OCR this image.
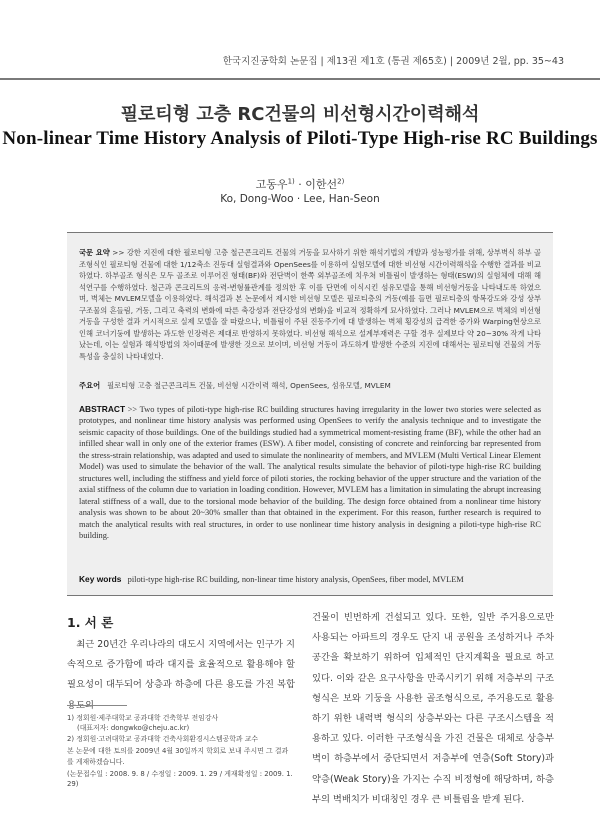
한국지진공학회 논문집 | 제13권 제1호 (통권 제65호) | 2009년 2월, pp. 35~43
필로티형 고층 RC건물의 비선형시간이력해석
Non-linear Time History Analysis of Piloti-Type High-rise RC Buildings
고동우$^{1)}$ · 이한선$^{2)}$
Ko, Dong-Woo · Lee, Han-Seon

국문 요약 >> 강한 지진에 대한 필로티형 고층 철근콘크리트 건물의 거동을 묘사하기 위한 해석기법의 개발과 성능평가를 위해, 상부벽식 하부 골조형식인 필로티형 건물에 대한 1/12축소 진동대 실험결과와 OpenSees를 이용하여 실험모델에 대한 비선형 시간이력해석을 수행한 결과를 비교하였다. 하부골조 형식은 모두 골조로 이루어진 형태(BF)와 전단벽이 한쪽 외부골조에 치우쳐 비틀림이 발생하는 형태(ESW)의 실험체에 대해 해석연구를 수행하였다. 철근과 콘크리트의 응력-변형률관계를 정의한 후 이를 단면에 이식시킨 섬유모델을 통해 비선형거동을 나타내도록 하였으며, 벽체는 MVLEM모델을 이용하였다. 해석결과 본 논문에서 제시한 비선형 모델은 필로티층의 거동(예를 들면 필로티층의 항복강도와 강성 상부구조물의 흔들림, 거동, 그리고 축력의 변화에 따른 축강성과 전단강성의 변화)을 비교적 정확하게 묘사하였다. 그러나 MVLEM으로 벽체의 비선형거동을 구성한 결과 거시적으로 실제 모델을 잘 따랐으나, 비틀림이 주된 진동주기에 대 발생하는 벽체 횡강성의 급격한 증가와 Warping현상으로 인해 코너기둥에 발생하는 과도한 인장력은 제대로 반영하지 못하였다. 비선형 해석으로 설계부재력은 구할 경우 실제보다 약 20~30% 작게 나타났는데, 이는 실험과 해석방법의 차이때문에 발생한 것으로 보이며, 비선형 거동이 과도하게 발생한 수준의 지진에 대해서는 필로티형 건물의 거동특성을 충실히 나타내었다.

주요어 필로티형 고층 철근콘크리트 건물, 비선형 시간이력 해석, OpenSees, 섬유모델, MVLEM

ABSTRACT >> Two types of piloti-type high-rise RC building structures having irregularity in the lower two stories were selected as prototypes, and nonlinear time history analysis was performed using OpenSees to verify the analysis technique and to investigate the seismic capacity of those buildings. One of the buildings studied had a symmetrical moment-resisting frame (BF), while the other had an infilled shear wall in only one of the exterior frames (ESW). A fiber model, consisting of concrete and reinforcing bar represented from the stress-strain relationship, was adapted and used to simulate the nonlinearity of members, and MVLEM (Multi Vertical Linear Element Model) was used to simulate the behavior of the wall. The analytical results simulate the behavior of piloti-type high-rise RC building structures well, including the stiffness and yield force of piloti stories, the rocking behavior of the upper structure and the variation of the axial stiffness of the column due to variation in loading condition. However, MVLEM has a limitation in simulating the abrupt increasing lateral stiffness of a wall, due to the torsional mode behavior of the building. The design force obtained from a nonlinear time history analysis was shown to be about 20~30% smaller than that obtained in the experiment. For this reason, further research is required to match the analytical results with real structures, in order to use nonlinear time history analysis in designing a piloti-type high-rise RC building.

Key words piloti-type high-rise RC building, non-linear time history analysis, OpenSees, fiber model, MVLEM

1. 서 론

최근 20년간 우리나라의 대도시 지역에서는 인구가 지속적으로 증가함에 따라 대지를 효율적으로 활용해야 할 필요성이 대두되어 상층과 하층에 다른 용도를 가진 복합용도의

건물이 빈번하게 건설되고 있다. 또한, 일반 주거용으로만 사용되는 아파트의 경우도 단지 내 공원을 조성하거나 주차공간을 확보하기 위하여 입체적인 단지계획을 필요로 하고 있다. 이와 같은 요구사항을 만족시키기 위해 저층부의 구조형식은 보와 기둥을 사용한 골조형식으로, 주거용도로 활용하기 위한 내력벽 형식의 상층부와는 다른 구조시스템을 적용하고 있다. 이러한 구조형식을 가진 건물은 대체로 상층부 벽이 하층부에서 중단되면서 저층부에 연층(Soft Story)과 약층(Weak Story)을 가지는 수직 비정형에 해당하며, 하층부의 벽배치가 비대칭인 경우 큰 비틀림을 받게 된다.

1) 정회원·제주대학교 공과대학 건축학부 전임강사

(대표저자: dongwko@cheju.ac.kr)

2) 정회원·고려대학교 공과대학 건축사회환경시스템공학과 교수

본 논문에 대한 토의를 2009년 4월 30일까지 학회로 보내 주시면 그 결과

를 게재하겠습니다.

(논문접수일 : 2008. 9. 8 / 수정일 : 2009. 1. 29 / 게재확정일 : 2009. 1. 29)
